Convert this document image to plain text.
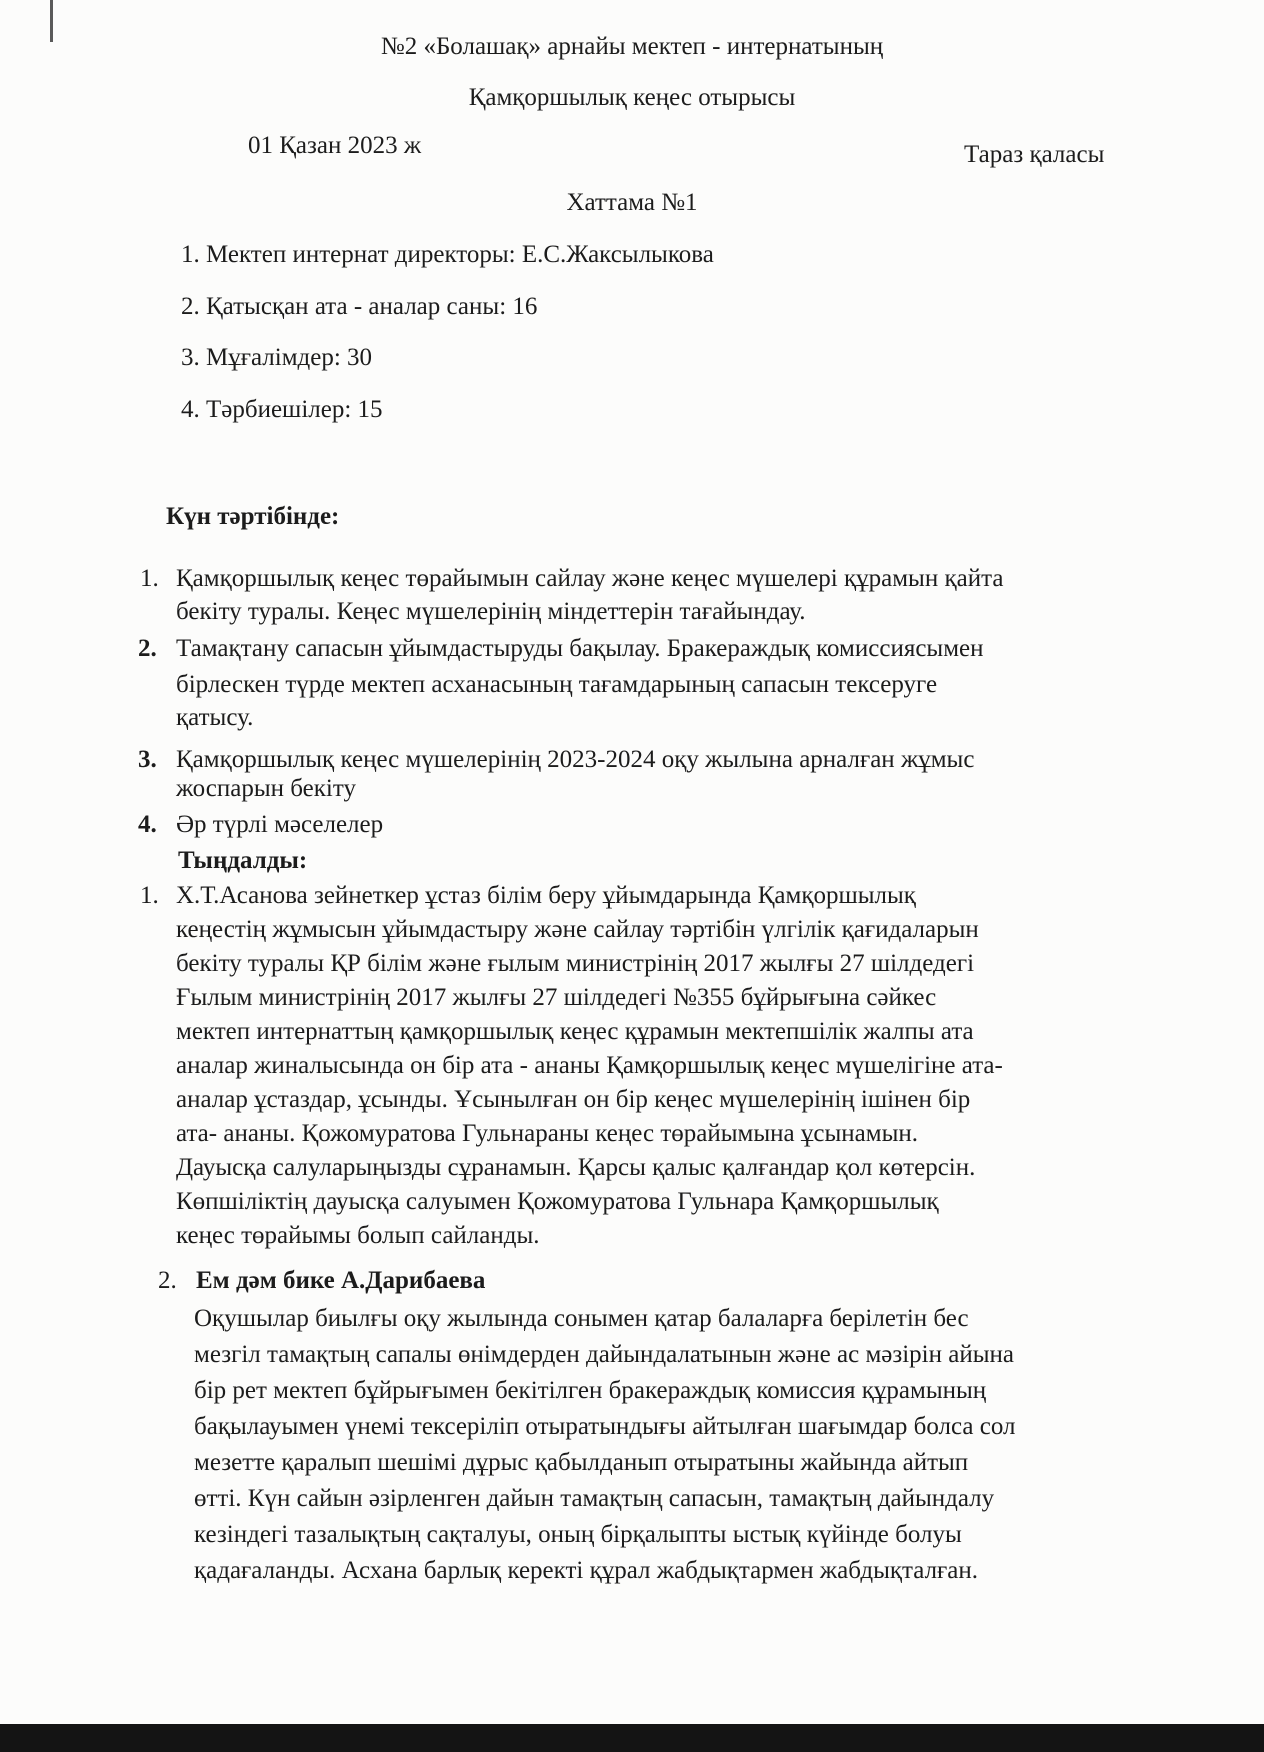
№2 «Болашақ» арнайы мектеп - интернатының
Қамқоршылық кеңес отырысы
01 Қазан 2023 ж	Тараз қаласы
Хаттама №1
1. Мектеп интернат директоры: Е.С.Жаксылыкова
2. Қатысқан ата - аналар саны: 16
3. Мұғалімдер: 30
4. Тәрбиешілер: 15
Күн тәртібінде:
1. Қамқоршылық кеңес төрайымын сайлау және кеңес мүшелері құрамын қайта
бекіту туралы. Кеңес мүшелерінің міндеттерін тағайындау.
2. Тамақтану сапасын ұйымдастыруды бақылау. Бракераждық комиссиясымен
бірлескен түрде мектеп асханасының тағамдарының сапасын тексеруге
қатысу.
3. Қамқоршылық кеңес мүшелерінің 2023-2024 оқу жылына арналған жұмыс
жоспарын бекіту
4. Әр түрлі мәселелер
Тыңдалды:
1. Х.Т.Асанова зейнеткер ұстаз білім беру ұйымдарында Қамқоршылық
кеңестің жұмысын ұйымдастыру және сайлау тәртібін үлгілік қағидаларын
бекіту туралы ҚР білім және ғылым министрінің 2017 жылғы 27 шілдедегі
Ғылым министрінің 2017 жылғы 27 шілдедегі №355 бұйрығына сәйкес
мектеп интернаттың қамқоршылық кеңес құрамын мектепшілік жалпы ата
аналар жиналысында он бір ата - ананы Қамқоршылық кеңес мүшелігіне ата-
аналар ұстаздар, ұсынды. Ұсынылған он бір кеңес мүшелерінің ішінен бір
ата- ананы. Қожомуратова Гульнараны кеңес төрайымына ұсынамын.
Дауысқа салуларыңызды сұранамын. Қарсы қалыс қалғандар қол көтерсін.
Көпшіліктің дауысқа салуымен Қожомуратова Гульнара Қамқоршылық
кеңес төрайымы болып сайланды.
2. Ем дәм бике А.Дарибаева
Оқушылар биылғы оқу жылында сонымен қатар балаларға берілетін бес
мезгіл тамақтың сапалы өнімдерден дайындалатынын және ас мәзірін айына
бір рет мектеп бұйрығымен бекітілген бракераждық комиссия құрамының
бақылауымен үнемі тексеріліп отыратындығы айтылған шағымдар болса сол
мезетте қаралып шешімі дұрыс қабылданып отыратыны жайында айтып
өтті. Күн сайын әзірленген дайын тамақтың сапасын, тамақтың дайындалу
кезіндегі тазалықтың сақталуы, оның бірқалыпты ыстық күйінде болуы
қадағаланды. Асхана барлық керекті құрал жабдықтармен жабдықталған.
